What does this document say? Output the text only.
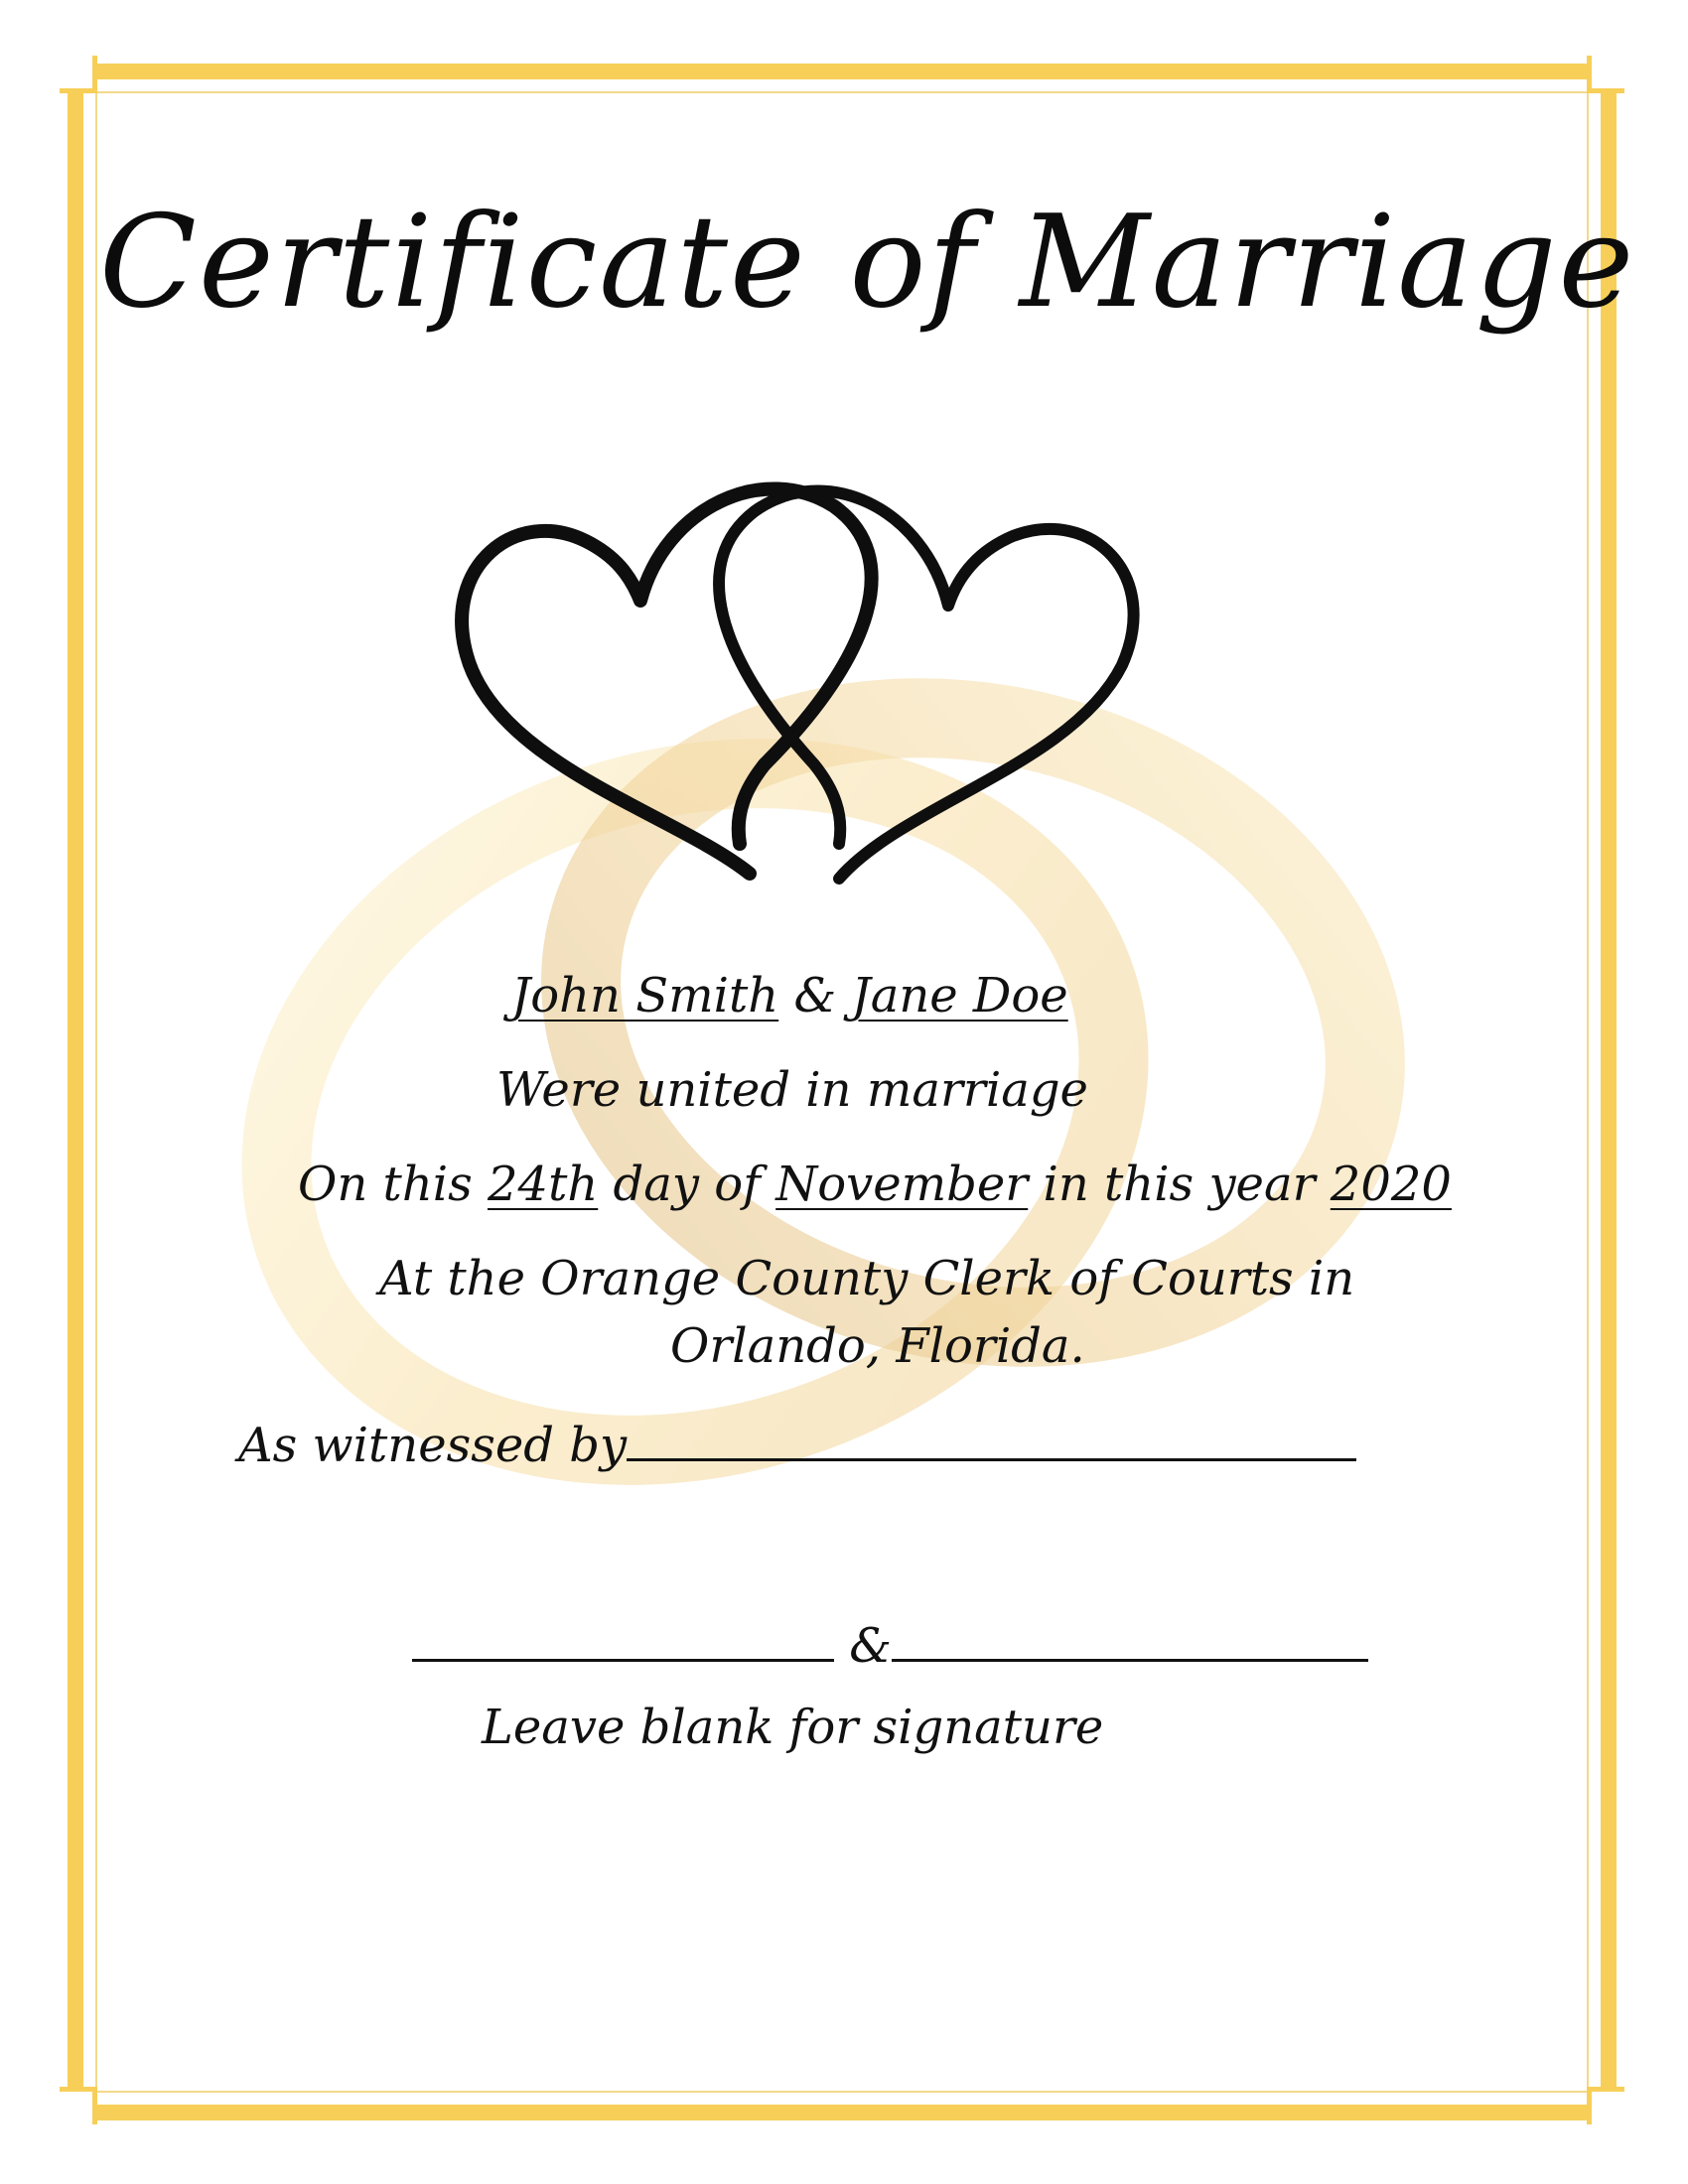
Certificate of Marriage
John Smith & Jane Doe
Were united in marriage
On this 24th day of November in this year 2020
At the Orange County Clerk of Courts in
Orlando, Florida.
As witnessed by
&
Leave blank for signature
